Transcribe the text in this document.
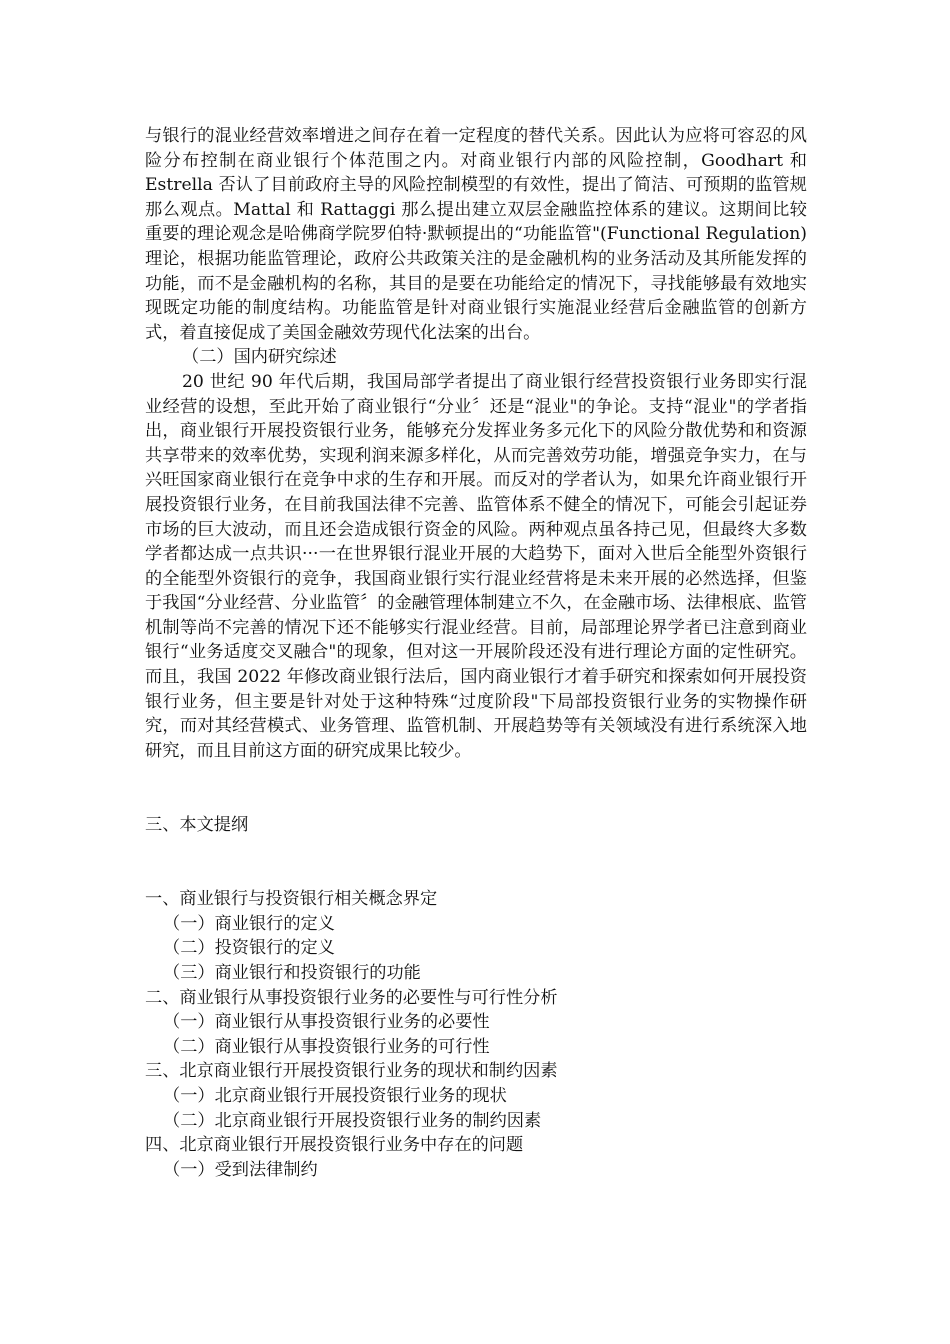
与银行的混业经营效率增进之间存在着一定程度的替代关系。因此认为应将可容忍的风险分布控制在商业银行个体范围之内。对商业银行内部的风险控制，Goodhart 和 Estrella 否认了目前政府主导的风险控制模型的有效性，提出了简洁、可预期的监管规那么观点。Mattal 和 Rattaggi 那么提出建立双层金融监控体系的建议。这期间比较重要的理论观念是哈佛商学院罗伯特·默顿提出的“功能监管"(Functional Regulation)理论，根据功能监管理论，政府公共政策关注的是金融机构的业务活动及其所能发挥的功能，而不是金融机构的名称，其目的是要在功能给定的情况下，寻找能够最有效地实现既定功能的制度结构。功能监管是针对商业银行实施混业经营后金融监管的创新方式，着直接促成了美国金融效劳现代化法案的出台。

（二）国内研究综述

20 世纪 90 年代后期，我国局部学者提出了商业银行经营投资银行业务即实行混业经营的设想，至此开始了商业银行“分业〞还是“混业"的争论。支持“混业"的学者指出，商业银行开展投资银行业务，能够充分发挥业务多元化下的风险分散优势和和资源共享带来的效率优势，实现利润来源多样化，从而完善效劳功能，增强竞争实力，在与兴旺国家商业银行在竞争中求的生存和开展。而反对的学者认为，如果允许商业银行开展投资银行业务，在目前我国法律不完善、监管体系不健全的情况下，可能会引起证券市场的巨大波动，而且还会造成银行资金的风险。两种观点虽各持己见，但最终大多数学者都达成一点共识···一在世界银行混业开展的大趋势下，面对入世后全能型外资银行的全能型外资银行的竞争，我国商业银行实行混业经营将是未来开展的必然选择，但鉴于我国“分业经营、分业监管〞的金融管理体制建立不久，在金融市场、法律根底、监管机制等尚不完善的情况下还不能够实行混业经营。目前，局部理论界学者已注意到商业银行“业务适度交叉融合"的现象，但对这一开展阶段还没有进行理论方面的定性研究。而且，我国 2022 年修改商业银行法后，国内商业银行才着手研究和探索如何开展投资银行业务，但主要是针对处于这种特殊“过度阶段"下局部投资银行业务的实物操作研究，而对其经营模式、业务管理、监管机制、开展趋势等有关领域没有进行系统深入地研究，而且目前这方面的研究成果比较少。

三、本文提纲

一、商业银行与投资银行相关概念界定
（一）商业银行的定义
（二）投资银行的定义
（三）商业银行和投资银行的功能
二、商业银行从事投资银行业务的必要性与可行性分析
（一）商业银行从事投资银行业务的必要性
（二）商业银行从事投资银行业务的可行性
三、北京商业银行开展投资银行业务的现状和制约因素
（一）北京商业银行开展投资银行业务的现状
（二）北京商业银行开展投资银行业务的制约因素
四、北京商业银行开展投资银行业务中存在的问题
（一）受到法律制约
